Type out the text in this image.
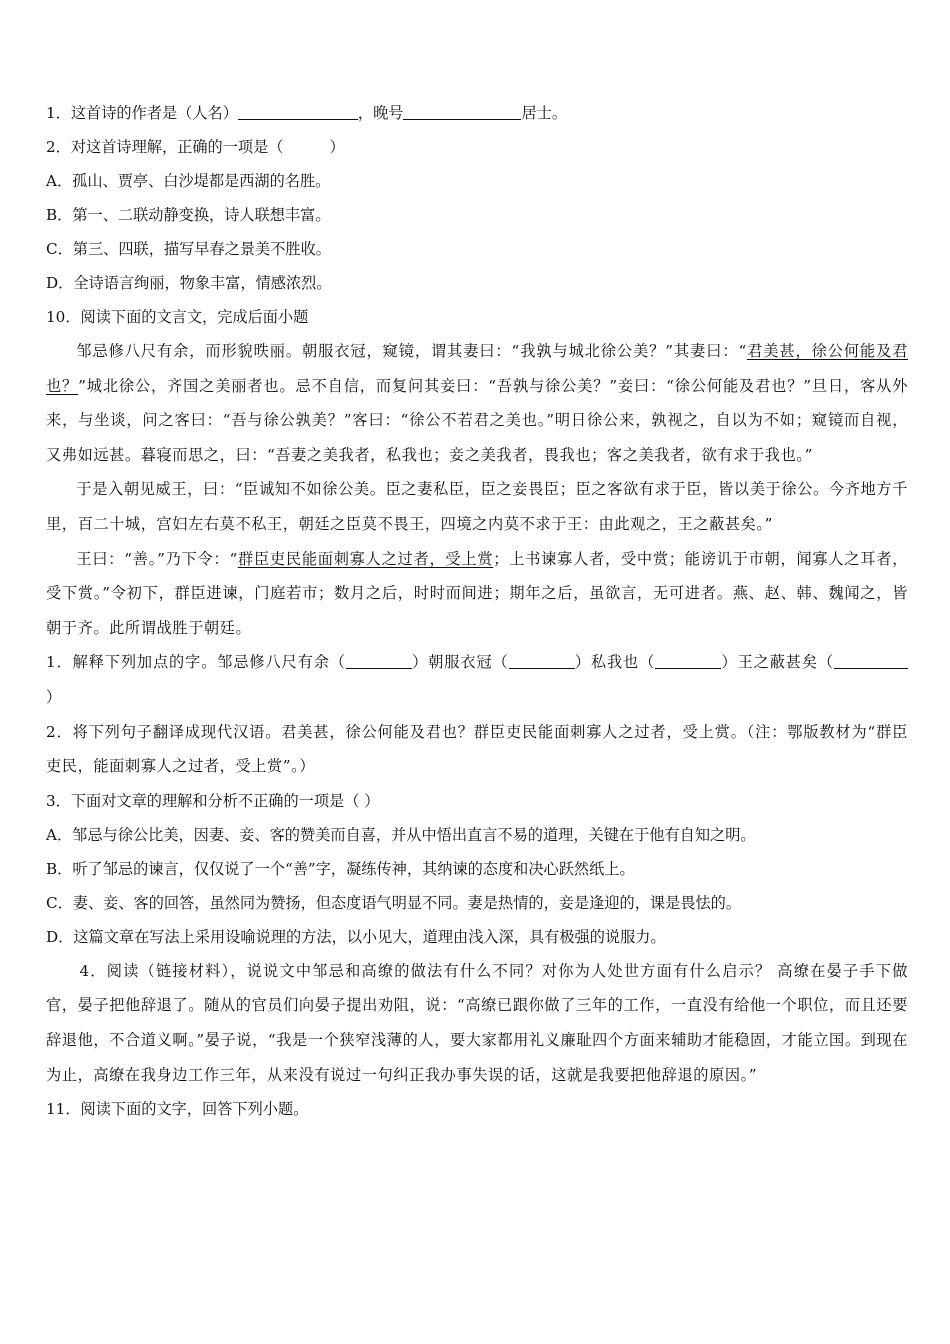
1．这首诗的作者是（人名）	，晚号	居士。
2．对这首诗理解，正确的一项是（	）
A．孤山、贾亭、白沙堤都是西湖的名胜。
B．第一、二联动静变换，诗人联想丰富。
C．第三、四联，描写早春之景美不胜收。
D．全诗语言绚丽，物象丰富，情感浓烈。
10．阅读下面的文言文，完成后面小题
邹忌修八尺有余，而形貌昳丽。朝服衣冠，窥镜，谓其妻曰：“我孰与城北徐公美？”其妻曰：“君美甚，徐公何能及君也？”城北徐公，齐国之美丽者也。忌不自信，而复问其妾曰：“吾孰与徐公美？”妾曰：“徐公何能及君也？”旦日，客从外来，与坐谈，问之客曰：“吾与徐公孰美？”客曰：“徐公不若君之美也。”明日徐公来，孰视之，自以为不如；窥镜而自视，又弗如远甚。暮寝而思之，曰：“吾妻之美我者，私我也；妾之美我者，畏我也；客之美我者，欲有求于我也。”
于是入朝见威王，曰：“臣诚知不如徐公美。臣之妻私臣，臣之妾畏臣；臣之客欲有求于臣，皆以美于徐公。今齐地方千里，百二十城，宫妇左右莫不私王，朝廷之臣莫不畏王，四境之内莫不求于王：由此观之，王之蔽甚矣。”
王曰：“善。”乃下令：“群臣吏民能面刺寡人之过者，受上赏；上书谏寡人者，受中赏；能谤讥于市朝，闻寡人之耳者，受下赏。”令初下，群臣进谏，门庭若市；数月之后，时时而间进；期年之后，虽欲言，无可进者。燕、赵、韩、魏闻之，皆朝于齐。此所谓战胜于朝廷。
1．解释下列加点的字。邹忌修八尺有余（	）朝服衣冠（	）私我也（	）王之蔽甚矣（）
2．将下列句子翻译成现代汉语。君美甚，徐公何能及君也？群臣吏民能面刺寡人之过者，受上赏。（注：鄂版教材为“群臣吏民，能面刺寡人之过者，受上赏”。）
3．下面对文章的理解和分析不正确的一项是（ ）
A．邹忌与徐公比美，因妻、妾、客的赞美而自喜，并从中悟出直言不易的道理，关键在于他有自知之明。
B．听了邹忌的谏言，仅仅说了一个“善”字，凝练传神，其纳谏的态度和决心跃然纸上。
C．妻、妾、客的回答，虽然同为赞扬，但态度语气明显不同。妻是热情的，妾是逢迎的，课是畏怯的。
D．这篇文章在写法上采用设喻说理的方法，以小见大，道理由浅入深，具有极强的说服力。
4．阅读（链接材料），说说文中邹忌和高缭的做法有什么不同？对你为人处世方面有什么启示？ 高缭在晏子手下做官，晏子把他辞退了。随从的官员们向晏子提出劝阻，说：“高缭已跟你做了三年的工作，一直没有给他一个职位，而且还要辞退他，不合道义啊。”晏子说，“我是一个狭窄浅薄的人，要大家都用礼义廉耻四个方面来辅助才能稳固，才能立国。到现在为止，高缭在我身边工作三年，从来没有说过一句纠正我办事失误的话，这就是我要把他辞退的原因。”
11．阅读下面的文字，回答下列小题。
